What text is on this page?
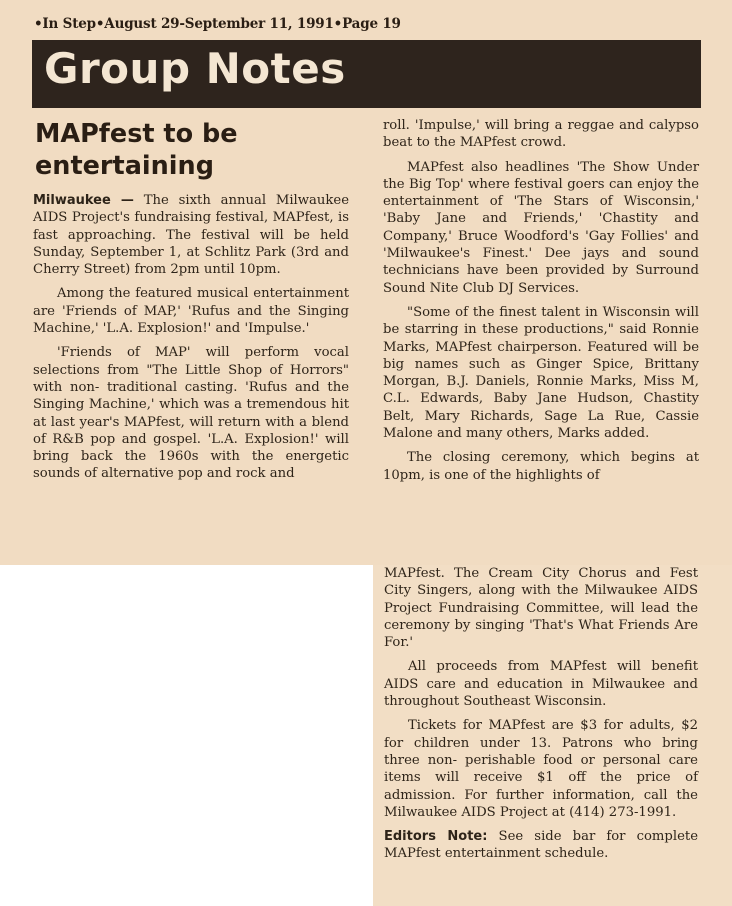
•In Step•August 29-September 11, 1991•Page 19
Group Notes
MAPfest to be entertaining

Milwaukee — The sixth annual Milwaukee AIDS Project's fundraising festival, MAPfest, is fast approaching. The festival will be held Sunday, September 1, at Schlitz Park (3rd and Cherry Street) from 2pm until 10pm.

Among the featured musical entertainment are 'Friends of MAP,' 'Rufus and the Singing Machine,' 'L.A. Explosion!' and 'Impulse.'

'Friends of MAP' will perform vocal selections from "The Little Shop of Horrors" with non- traditional casting. 'Rufus and the Singing Machine,' which was a tremendous hit at last year's MAPfest, will return with a blend of R&B pop and gospel. 'L.A. Explosion!' will bring back the 1960s with the energetic sounds of alternative pop and rock and

roll. 'Impulse,' will bring a reggae and calypso beat to the MAPfest crowd.

MAPfest also headlines 'The Show Under the Big Top' where festival goers can enjoy the entertainment of 'The Stars of Wisconsin,' 'Baby Jane and Friends,' 'Chastity and Company,' Bruce Woodford's 'Gay Follies' and 'Milwaukee's Finest.' Dee jays and sound technicians have been provided by Surround Sound Nite Club DJ Services.

"Some of the finest talent in Wisconsin will be starring in these productions," said Ronnie Marks, MAPfest chairperson. Featured will be big names such as Ginger Spice, Brittany Morgan, B.J. Daniels, Ronnie Marks, Miss M, C.L. Edwards, Baby Jane Hudson, Chastity Belt, Mary Richards, Sage La Rue, Cassie Malone and many others, Marks added.

The closing ceremony, which begins at 10pm, is one of the highlights of

MAPfest. The Cream City Chorus and Fest City Singers, along with the Milwaukee AIDS Project Fundraising Committee, will lead the ceremony by singing 'That's What Friends Are For.'

All proceeds from MAPfest will benefit AIDS care and education in Milwaukee and throughout Southeast Wisconsin.

Tickets for MAPfest are $3 for adults, $2 for children under 13. Patrons who bring three non- perishable food or personal care items will receive $1 off the price of admission. For further information, call the Milwaukee AIDS Project at (414) 273-1991.

Editors Note: See side bar for complete MAPfest entertainment schedule.
